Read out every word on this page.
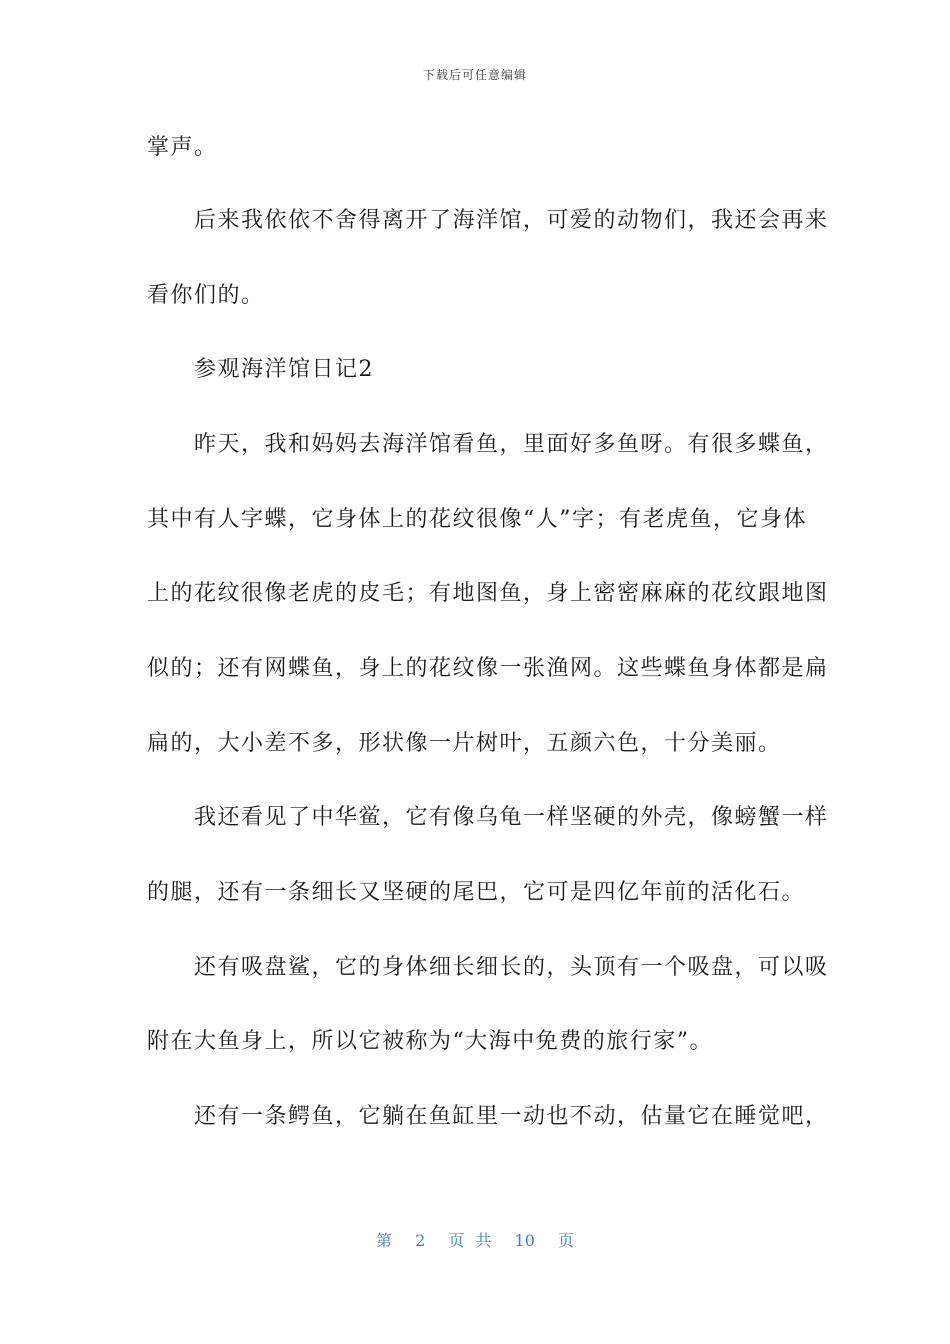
下载后可任意编辑
掌声。
　　后来我依依不舍得离开了海洋馆，可爱的动物们，我还会再来
看你们的。
　　参观海洋馆日记2
　　昨天，我和妈妈去海洋馆看鱼，里面好多鱼呀。有很多蝶鱼，
其中有人字蝶，它身体上的花纹很像“人”字；有老虎鱼，它身体
上的花纹很像老虎的皮毛；有地图鱼，身上密密麻麻的花纹跟地图
似的；还有网蝶鱼，身上的花纹像一张渔网。这些蝶鱼身体都是扁
扁的，大小差不多，形状像一片树叶，五颜六色，十分美丽。
　　我还看见了中华鲎，它有像乌龟一样坚硬的外壳，像螃蟹一样
的腿，还有一条细长又坚硬的尾巴，它可是四亿年前的活化石。
　　还有吸盘鲨，它的身体细长细长的，头顶有一个吸盘，可以吸
附在大鱼身上，所以它被称为“大海中免费的旅行家”。
　　还有一条鳄鱼，它躺在鱼缸里一动也不动，估量它在睡觉吧，
第 2 页 共 10 页
